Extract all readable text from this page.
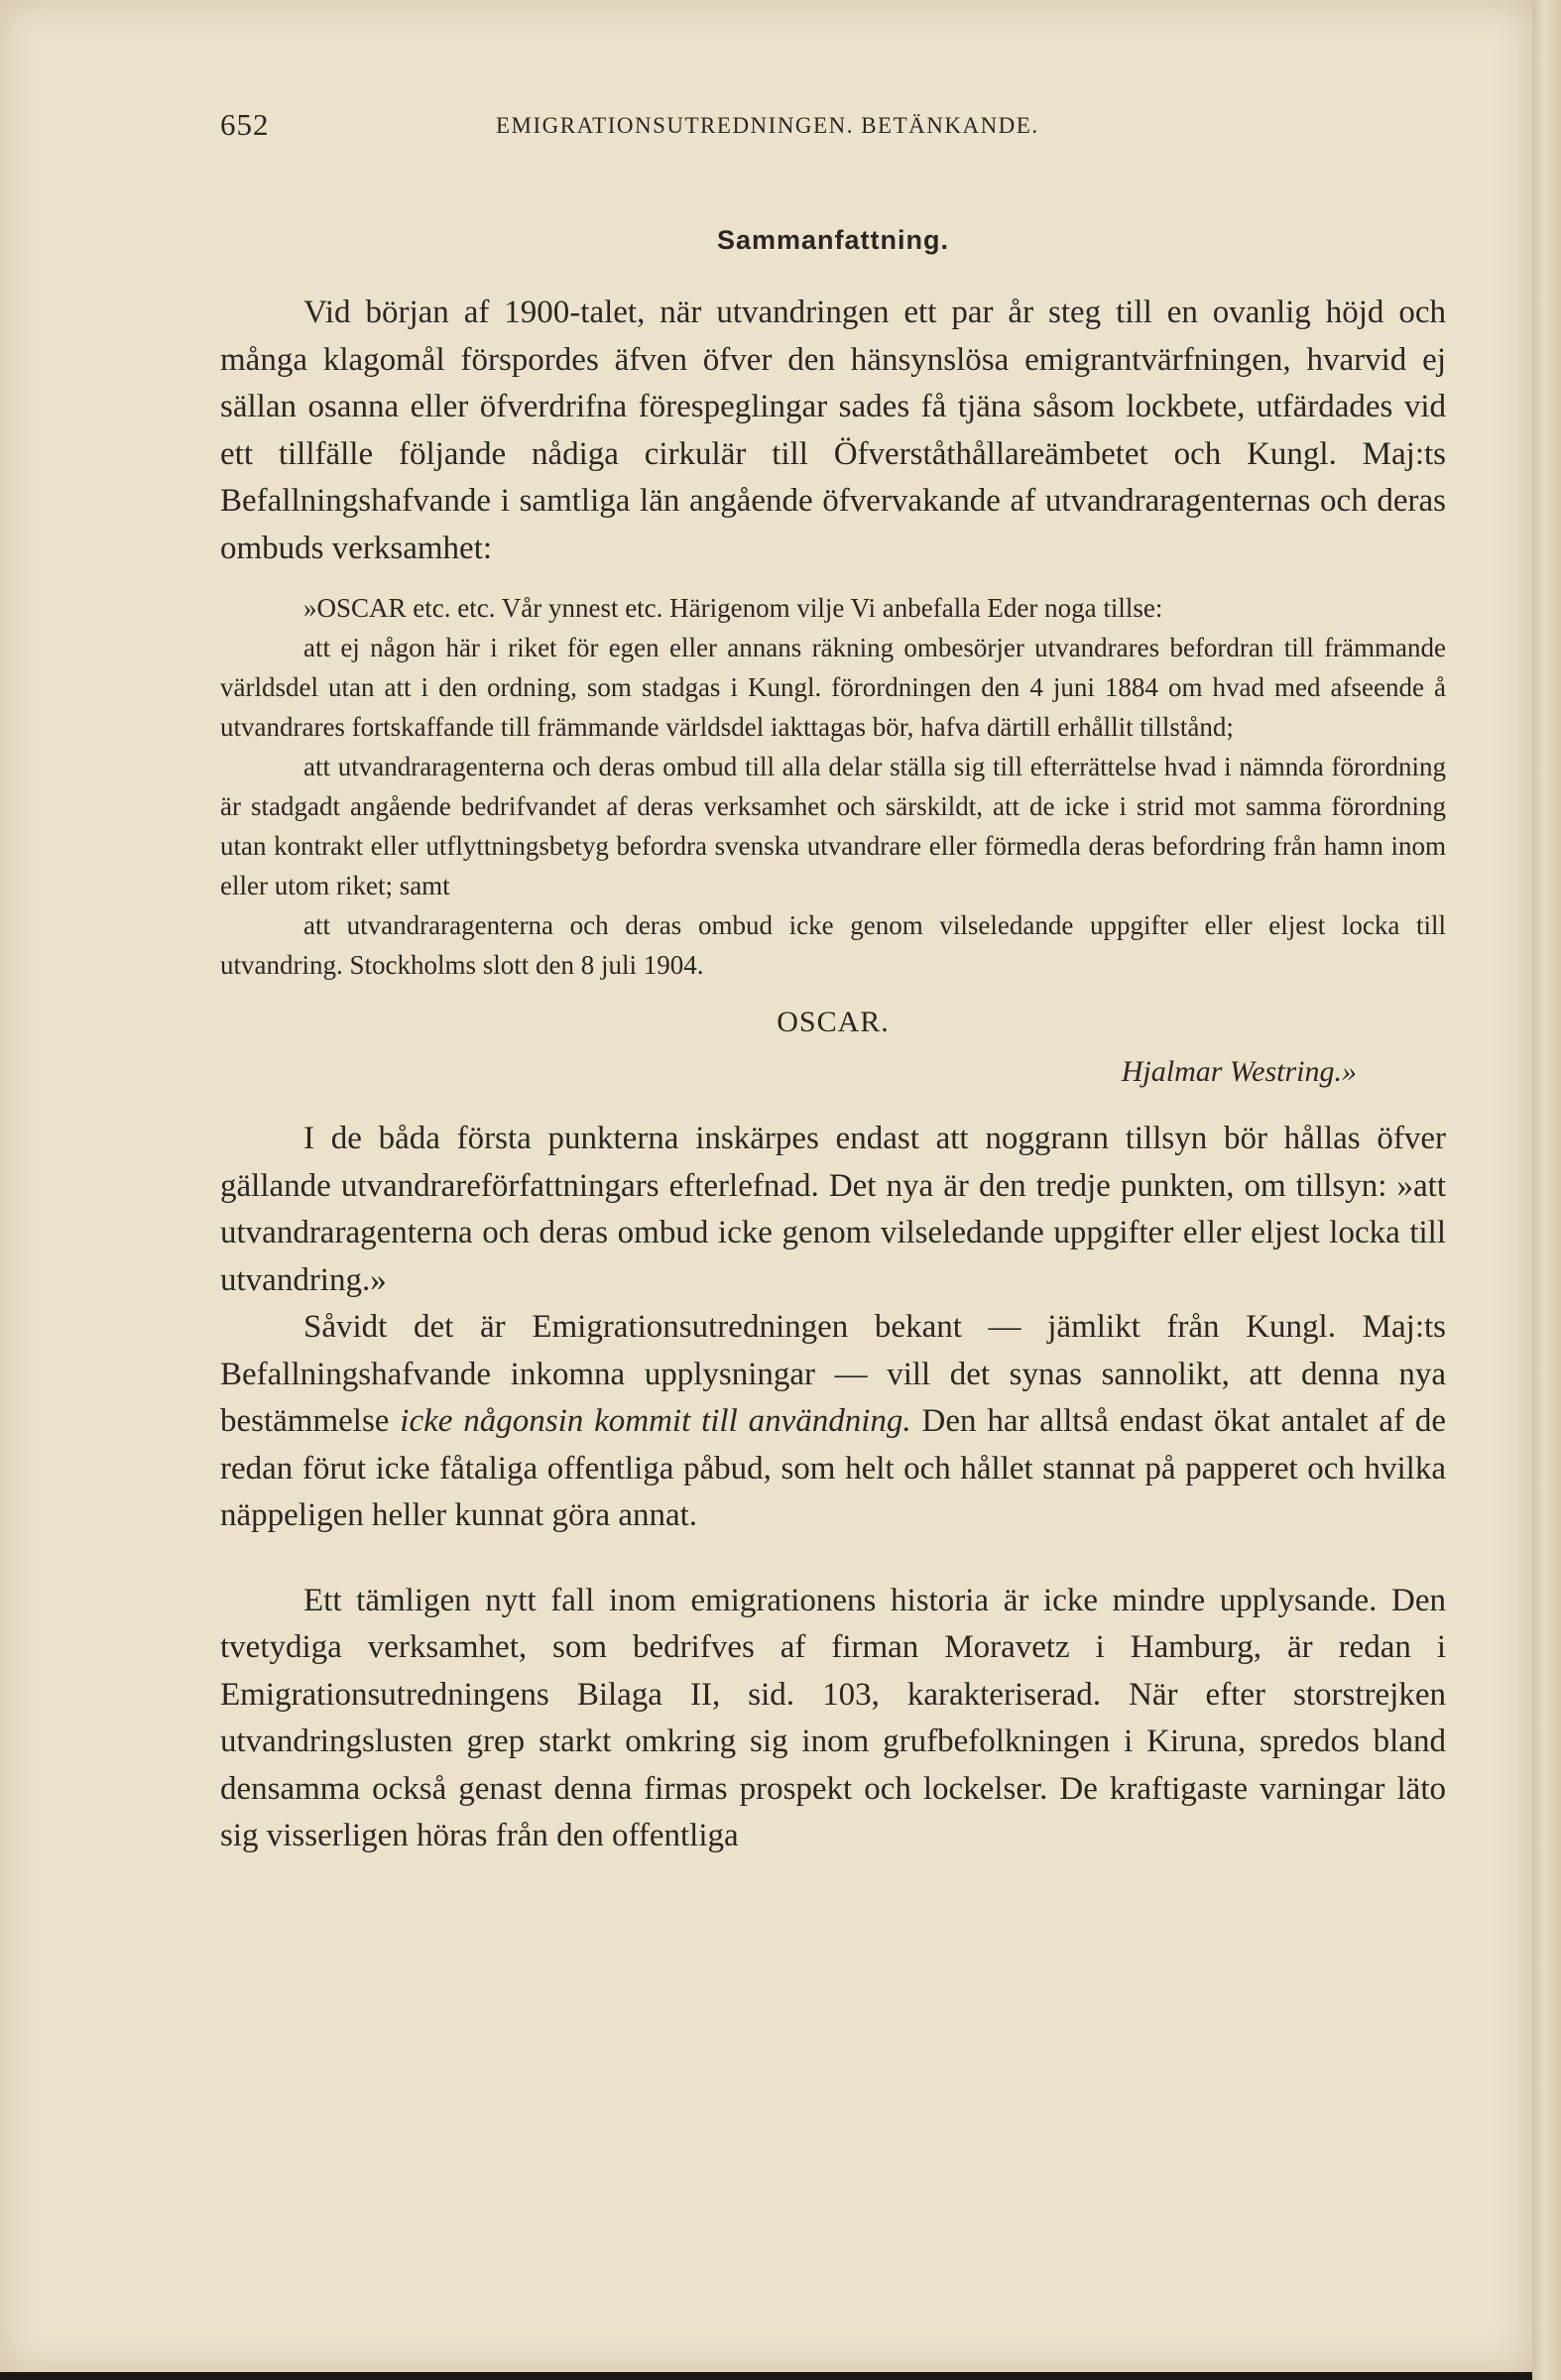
652	EMIGRATIONSUTREDNINGEN. BETÄNKANDE.
Sammanfattning.

Vid början af 1900-talet, när utvandringen ett par år steg till en ovanlig höjd och många klagomål förspordes äfven öfver den hänsynslösa emigrantvärfningen, hvarvid ej sällan osanna eller öfverdrifna förespeglingar sades få tjäna såsom lockbete, utfärdades vid ett tillfälle följande nådiga cirkulär till Öfverståthållareämbetet och Kungl. Maj:ts Befallningshafvande i samtliga län angående öfvervakande af utvandraragenternas och deras ombuds verksamhet:

»OSCAR etc. etc. Vår ynnest etc. Härigenom vilje Vi anbefalla Eder noga tillse:

att ej någon här i riket för egen eller annans räkning ombesörjer utvandrares befordran till främmande världsdel utan att i den ordning, som stadgas i Kungl. förordningen den 4 juni 1884 om hvad med afseende å utvandrares fortskaffande till främmande världsdel iakttagas bör, hafva därtill erhållit tillstånd;

att utvandraragenterna och deras ombud till alla delar ställa sig till efterrättelse hvad i nämnda förordning är stadgadt angående bedrifvandet af deras verksamhet och särskildt, att de icke i strid mot samma förordning utan kontrakt eller utflyttningsbetyg befordra svenska utvandrare eller förmedla deras befordring från hamn inom eller utom riket; samt

att utvandraragenterna och deras ombud icke genom vilseledande uppgifter eller eljest locka till utvandring. Stockholms slott den 8 juli 1904.

OSCAR.
Hjalmar Westring.»

I de båda första punkterna inskärpes endast att noggrann tillsyn bör hållas öfver gällande utvandrareförfattningars efterlefnad. Det nya är den tredje punkten, om tillsyn: »att utvandraragenterna och deras ombud icke genom vilseledande uppgifter eller eljest locka till utvandring.»

Såvidt det är Emigrationsutredningen bekant — jämlikt från Kungl. Maj:ts Befallningshafvande inkomna upplysningar — vill det synas sannolikt, att denna nya bestämmelse icke någonsin kommit till användning. Den har alltså endast ökat antalet af de redan förut icke fåtaliga offentliga påbud, som helt och hållet stannat på papperet och hvilka näppeligen heller kunnat göra annat.

Ett tämligen nytt fall inom emigrationens historia är icke mindre upplysande. Den tvetydiga verksamhet, som bedrifves af firman Moravetz i Hamburg, är redan i Emigrationsutredningens Bilaga II, sid. 103, karakteriserad. När efter storstrejken utvandringslusten grep starkt omkring sig inom grufbefolkningen i Kiruna, spredos bland densamma också genast denna firmas prospekt och lockelser. De kraftigaste varningar läto sig visserligen höras från den offentliga
